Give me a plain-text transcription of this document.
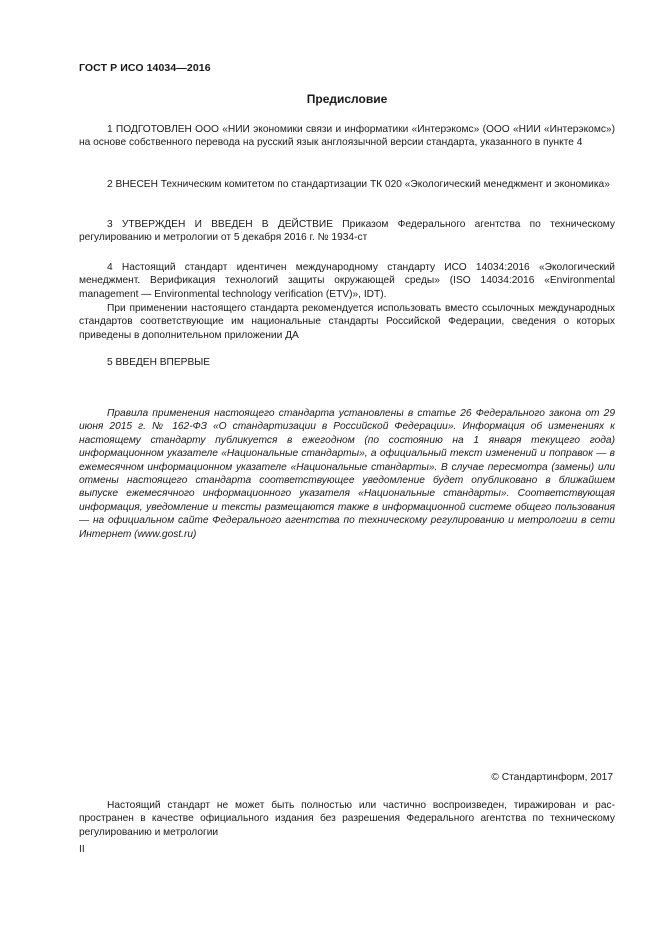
ГОСТ Р ИСО 14034—2016
Предисловие
1 ПОДГОТОВЛЕН ООО «НИИ экономики связи и информатики «Интерэкомс» (ООО «НИИ «Интерэкомс») на основе собственного перевода на русский язык англоязычной версии стандарта, указанного в пункте 4
2 ВНЕСЕН Техническим комитетом по стандартизации ТК 020 «Экологический менеджмент и экономика»
3 УТВЕРЖДЕН И ВВЕДЕН В ДЕЙСТВИЕ Приказом Федерального агентства по техническому регулированию и метрологии от 5 декабря 2016 г. № 1934-ст
4 Настоящий стандарт идентичен международному стандарту ИСО 14034:2016 «Экологический менеджмент. Верификация технологий защиты окружающей среды» (ISO 14034:2016 «Environmental management — Environmental technology verification (ETV)», IDT).
При применении настоящего стандарта рекомендуется использовать вместо ссылочных международных стандартов соответствующие им национальные стандарты Российской Федерации, сведения о которых приведены в дополнительном приложении ДА
5 ВВЕДЕН ВПЕРВЫЕ
Правила применения настоящего стандарта установлены в статье 26 Федерального закона от 29 июня 2015 г. № 162-ФЗ «О стандартизации в Российской Федерации». Информация об изменениях к настоящему стандарту публикуется в ежегодном (по состоянию на 1 января текущего года) информационном указателе «Национальные стандарты», а официальный текст изменений и поправок — в ежемесячном информационном указателе «Национальные стандарты». В случае пересмотра (замены) или отмены настоящего стандарта соответствующее уведомление будет опубликовано в ближайшем выпуске ежемесячного информационного указателя «Национальные стандарты». Соответствующая информация, уведомление и тексты размещаются также в информационной системе общего пользования — на официальном сайте Федерального агентства по техническому регулированию и метрологии в сети Интернет (www.gost.ru)
© Стандартинформ, 2017
Настоящий стандарт не может быть полностью или частично воспроизведен, тиражирован и распространен в качестве официального издания без разрешения Федерального агентства по техническому регулированию и метрологии
II
